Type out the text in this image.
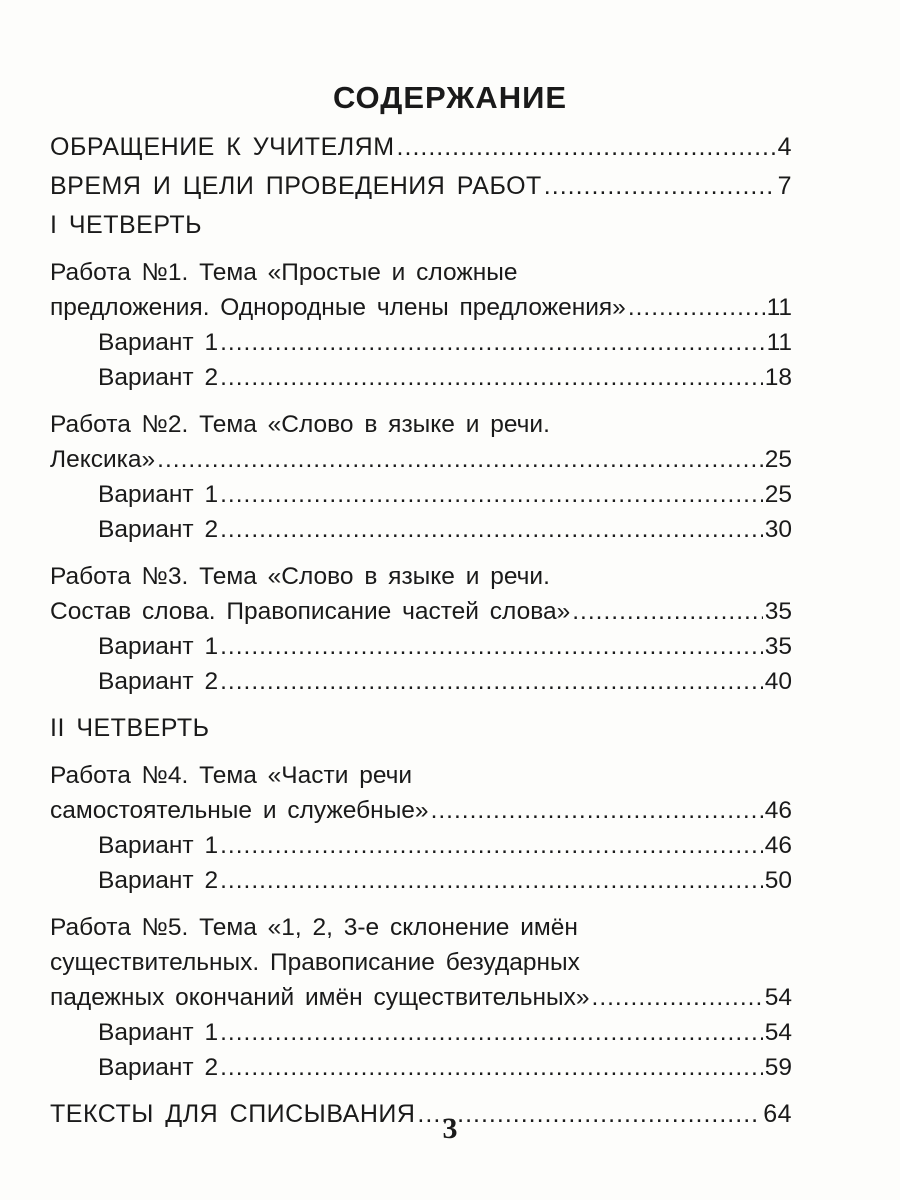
СОДЕРЖАНИЕ
ОБРАЩЕНИЕ К УЧИТЕЛЯМ .....	4
ВРЕМЯ И ЦЕЛИ ПРОВЕДЕНИЯ РАБОТ .....	7
I ЧЕТВЕРТЬ
Работа №1. Тема «Простые и сложные
предложения. Однородные члены предложения» .....	11
Вариант 1 .....	11
Вариант 2 .....	18
Работа №2. Тема «Слово в языке и речи.
Лексика» .....	25
Вариант 1 .....	25
Вариант 2 .....	30
Работа №3. Тема «Слово в языке и речи.
Состав слова. Правописание частей слова» .....	35
Вариант 1 .....	35
Вариант 2 .....	40
II ЧЕТВЕРТЬ
Работа №4. Тема «Части речи
самостоятельные и служебные» .....	46
Вариант 1 .....	46
Вариант 2 .....	50
Работа №5. Тема «1, 2, 3-е склонение имён
существительных. Правописание безударных
падежных окончаний имён существительных» .....	54
Вариант 1 .....	54
Вариант 2 .....	59
ТЕКСТЫ ДЛЯ СПИСЫВАНИЯ .....	64
3
